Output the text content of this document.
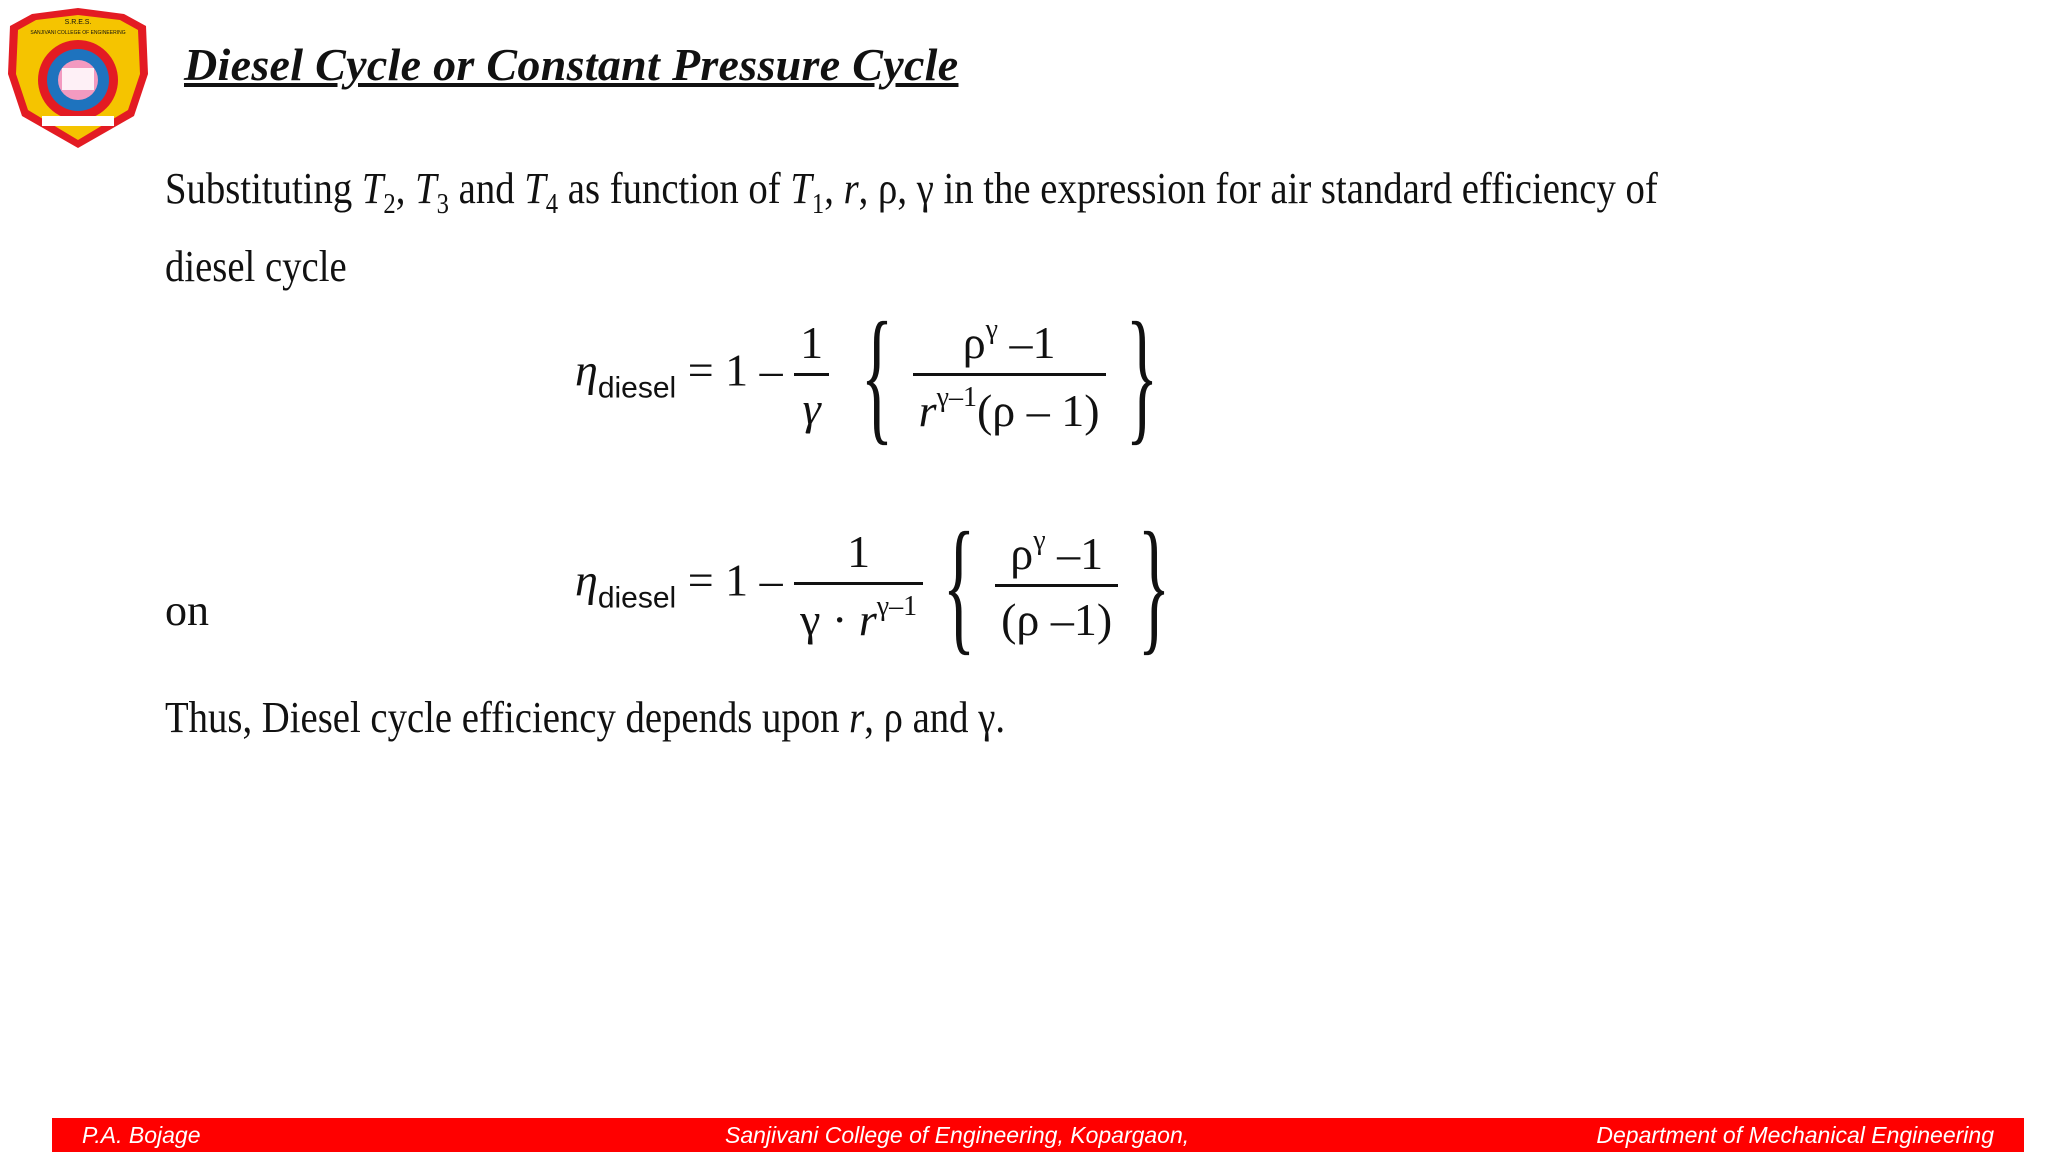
S.R.E.S.
SANJIVANI COLLEGE OF ENGINEERING
Diesel Cycle or Constant Pressure Cycle

Substituting $T_2$, $T_3$ and $T_4$ as function of $T_1$, r, ρ, γ in the expression for air standard efficiency of diesel cycle

$\eta_{diesel} = 1 - \frac{1}{\gamma}$ { $\frac{\rho^\gamma -1}{r^{\gamma-1}(\rho - 1)}$ }

on

$\eta_{diesel} = 1 - \frac{1}{\gamma \cdot r^{\gamma-1}}$ { $\frac{\rho^\gamma -1}{(\rho -1)}$ }

Thus, Diesel cycle efficiency depends upon r, ρ and γ.

P.A. Bojage	Sanjivani College of Engineering, Kopargaon,	Department of Mechanical Engineering
